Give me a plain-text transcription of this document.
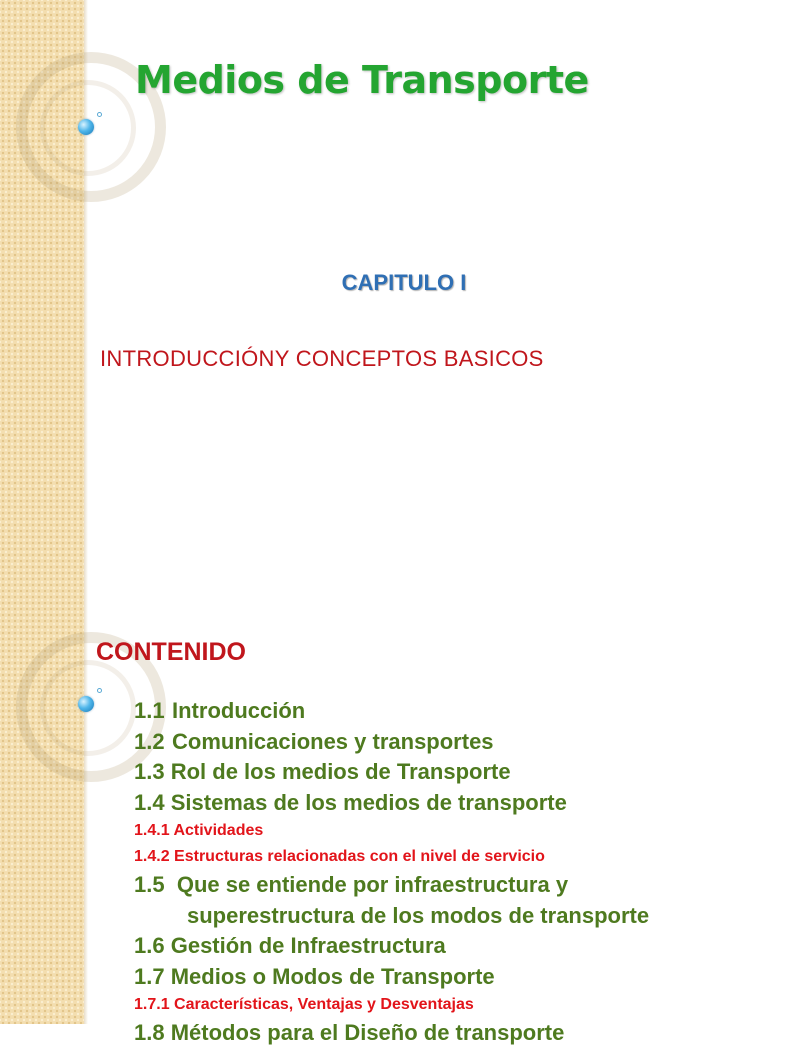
Medios de Transporte
CAPITULO I
INTRODUCCIÓNY CONCEPTOS BASICOS
CONTENIDO
1.1 Introducción
1.2 Comunicaciones y transportes
1.3 Rol de los medios de Transporte
1.4 Sistemas de los medios de transporte
1.4.1 Actividades
1.4.2 Estructuras relacionadas con el nivel de servicio
1.5 Que se entiende por infraestructura y
superestructura de los modos de transporte
1.6 Gestión de Infraestructura
1.7 Medios o Modos de Transporte
1.7.1 Características, Ventajas y Desventajas
1.8 Métodos para el Diseño de transporte
